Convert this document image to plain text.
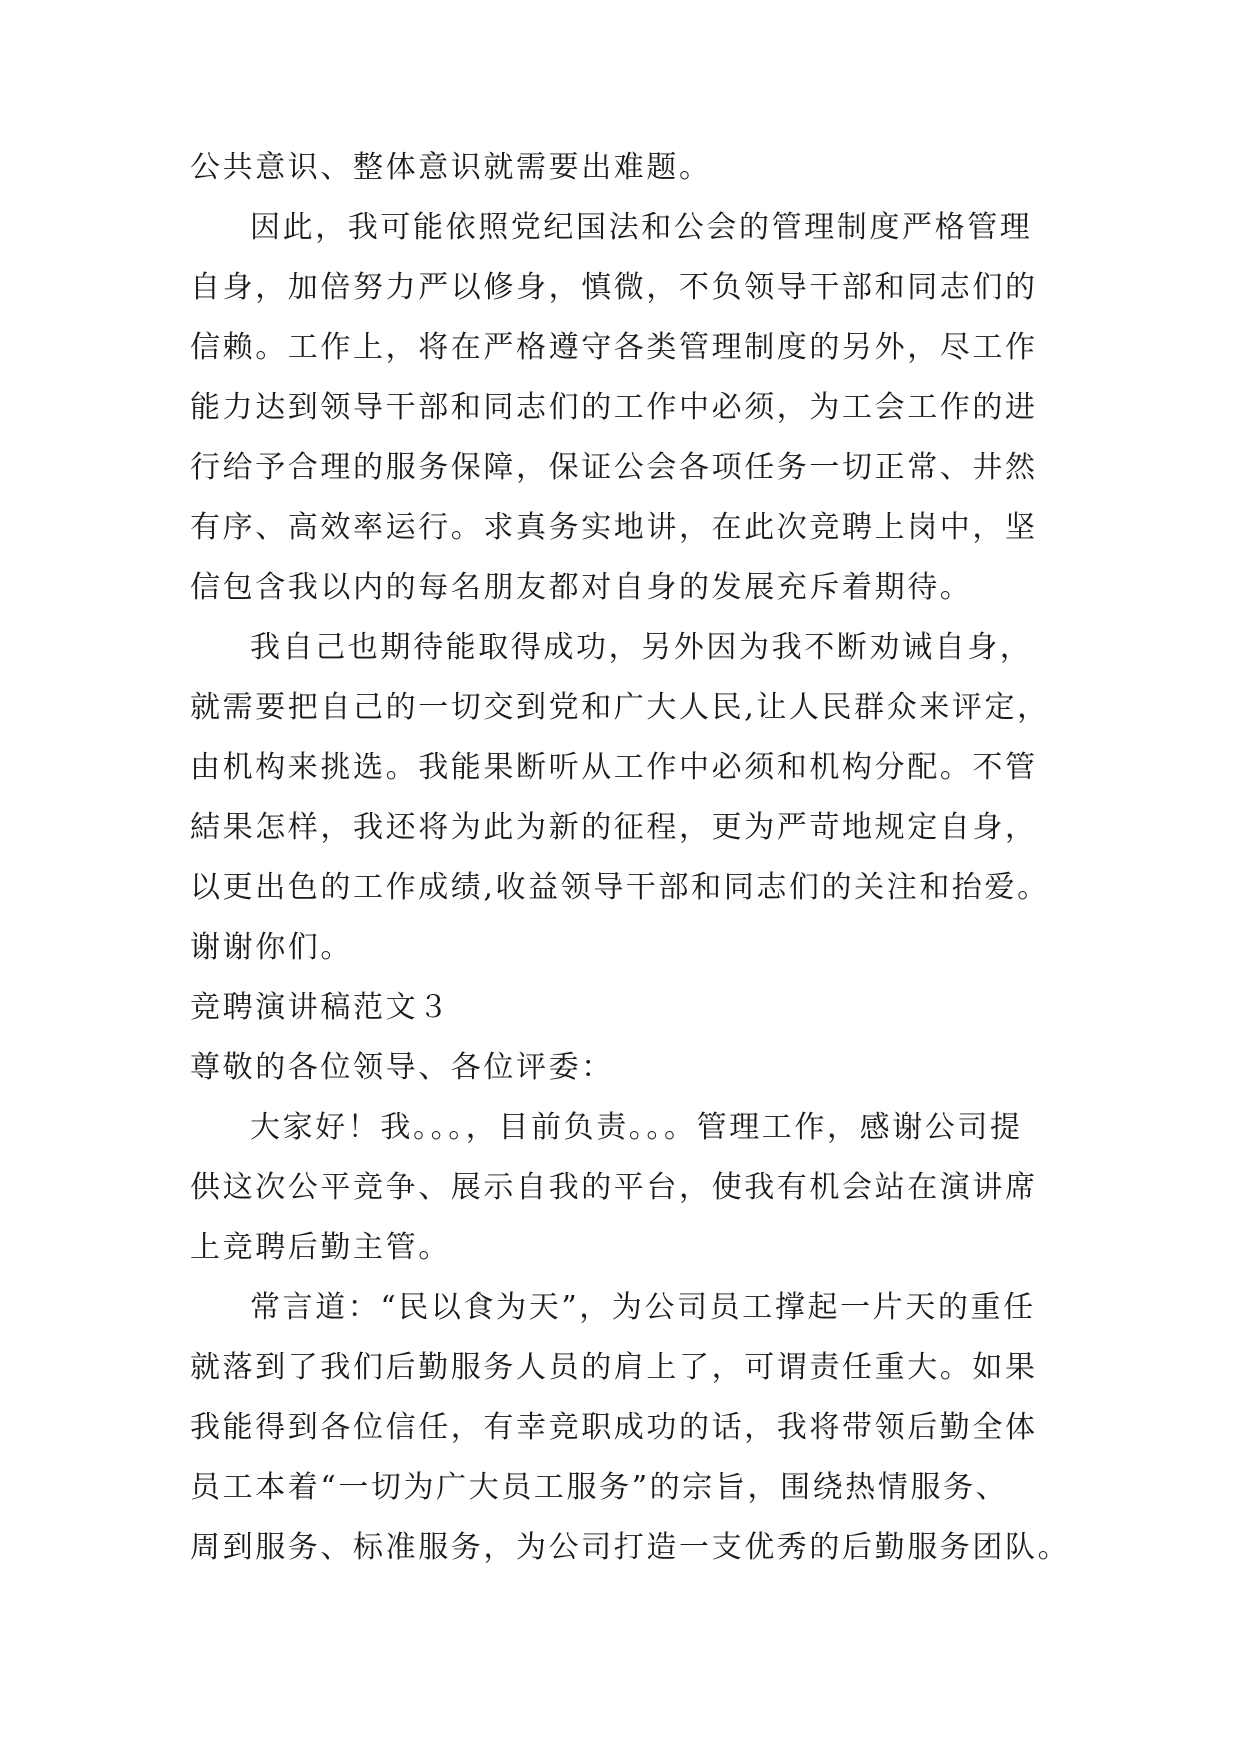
公共意识、整体意识就需要出难题。

因此，我可能依照党纪国法和公会的管理制度严格管理

自身，加倍努力严以修身，慎微，不负领导干部和同志们的

信赖。工作上，将在严格遵守各类管理制度的另外，尽工作

能力达到领导干部和同志们的工作中必须，为工会工作的进

行给予合理的服务保障，保证公会各项任务一切正常、井然

有序、高效率运行。求真务实地讲，在此次竞聘上岗中，坚

信包含我以内的每名朋友都对自身的发展充斥着期待。

我自己也期待能取得成功，另外因为我不断劝诫自身，

就需要把自己的一切交到党和广大人民,让人民群众来评定，

由机构来挑选。我能果断听从工作中必须和机构分配。不管

結果怎样，我还将为此为新的征程，更为严苛地规定自身，

以更出色的工作成绩,收益领导干部和同志们的关注和抬爱。

谢谢你们。

竞聘演讲稿范文３

尊敬的各位领导、各位评委：

大家好！我。。。，目前负责。。。管理工作，感谢公司提

供这次公平竞争、展示自我的平台，使我有机会站在演讲席

上竞聘后勤主管。

常言道：“民以食为天”，为公司员工撑起一片天的重任

就落到了我们后勤服务人员的肩上了，可谓责任重大。如果

我能得到各位信任，有幸竞职成功的话，我将带领后勤全体

员工本着“一切为广大员工服务”的宗旨，围绕热情服务、

周到服务、标准服务，为公司打造一支优秀的后勤服务团队。
